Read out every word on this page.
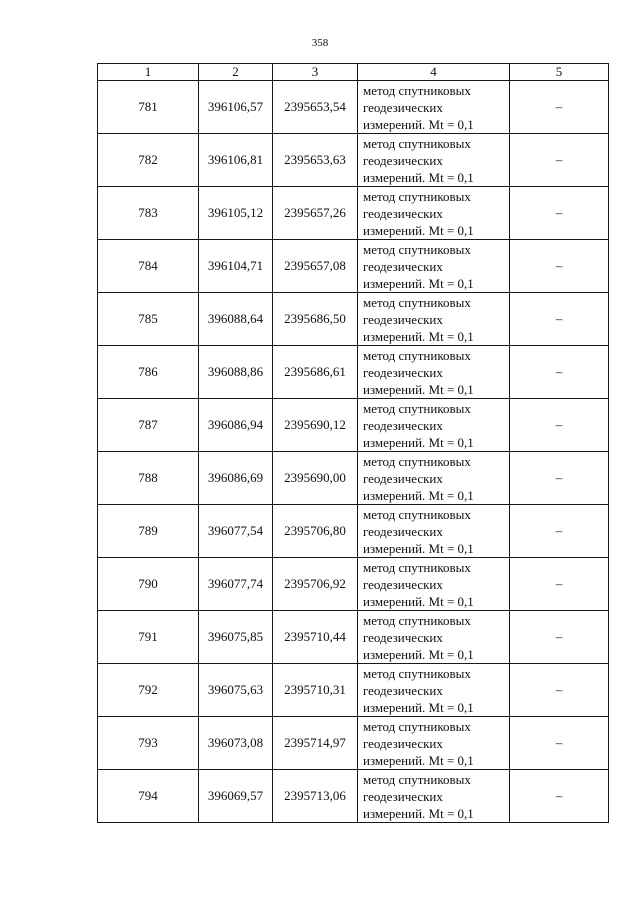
358
1	2	3	4	5
781	396106,57	2395653,54	метод спутниковых
геодезических
измерений. Mt = 0,1	–
782	396106,81	2395653,63	метод спутниковых
геодезических
измерений. Mt = 0,1	–
783	396105,12	2395657,26	метод спутниковых
геодезических
измерений. Mt = 0,1	–
784	396104,71	2395657,08	метод спутниковых
геодезических
измерений. Mt = 0,1	–
785	396088,64	2395686,50	метод спутниковых
геодезических
измерений. Mt = 0,1	–
786	396088,86	2395686,61	метод спутниковых
геодезических
измерений. Mt = 0,1	–
787	396086,94	2395690,12	метод спутниковых
геодезических
измерений. Mt = 0,1	–
788	396086,69	2395690,00	метод спутниковых
геодезических
измерений. Mt = 0,1	–
789	396077,54	2395706,80	метод спутниковых
геодезических
измерений. Mt = 0,1	–
790	396077,74	2395706,92	метод спутниковых
геодезических
измерений. Mt = 0,1	–
791	396075,85	2395710,44	метод спутниковых
геодезических
измерений. Mt = 0,1	–
792	396075,63	2395710,31	метод спутниковых
геодезических
измерений. Mt = 0,1	–
793	396073,08	2395714,97	метод спутниковых
геодезических
измерений. Mt = 0,1	–
794	396069,57	2395713,06	метод спутниковых
геодезических
измерений. Mt = 0,1	–
